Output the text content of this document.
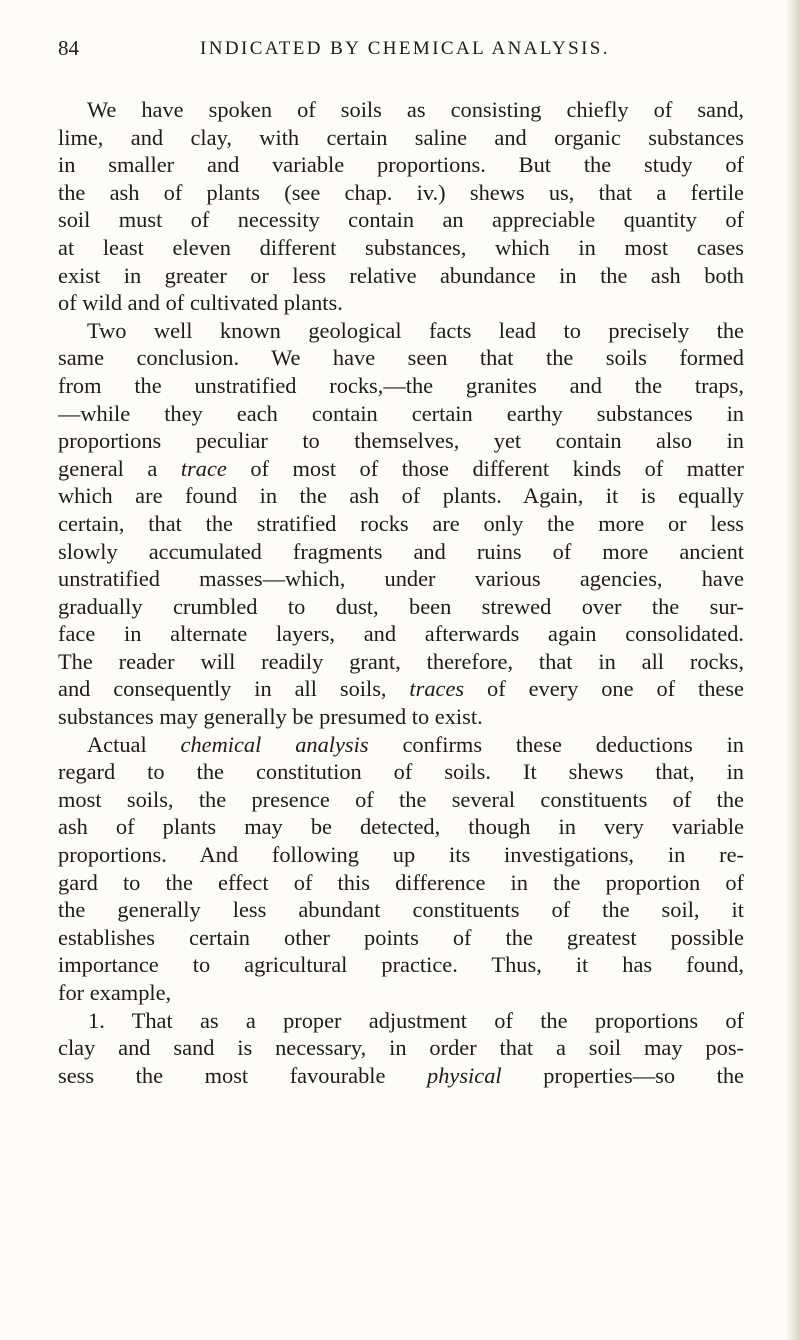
84	INDICATED BY CHEMICAL ANALYSIS.
We have spoken of soils as consisting chiefly of sand,
lime, and clay, with certain saline and organic substances
in smaller and variable proportions. But the study of
the ash of plants (see chap. iv.) shews us, that a fertile
soil must of necessity contain an appreciable quantity of
at least eleven different substances, which in most cases
exist in greater or less relative abundance in the ash both
of wild and of cultivated plants.
Two well known geological facts lead to precisely the
same conclusion. We have seen that the soils formed
from the unstratified rocks,—the granites and the traps,
—while they each contain certain earthy substances in
proportions peculiar to themselves, yet contain also in
general a trace of most of those different kinds of matter
which are found in the ash of plants. Again, it is equally
certain, that the stratified rocks are only the more or less
slowly accumulated fragments and ruins of more ancient
unstratified masses—which, under various agencies, have
gradually crumbled to dust, been strewed over the sur-
face in alternate layers, and afterwards again consolidated.
The reader will readily grant, therefore, that in all rocks,
and consequently in all soils, traces of every one of these
substances may generally be presumed to exist.
Actual chemical analysis confirms these deductions in
regard to the constitution of soils. It shews that, in
most soils, the presence of the several constituents of the
ash of plants may be detected, though in very variable
proportions. And following up its investigations, in re-
gard to the effect of this difference in the proportion of
the generally less abundant constituents of the soil, it
establishes certain other points of the greatest possible
importance to agricultural practice. Thus, it has found,
for example,
1. That as a proper adjustment of the proportions of
clay and sand is necessary, in order that a soil may pos-
sess the most favourable physical properties—so the
